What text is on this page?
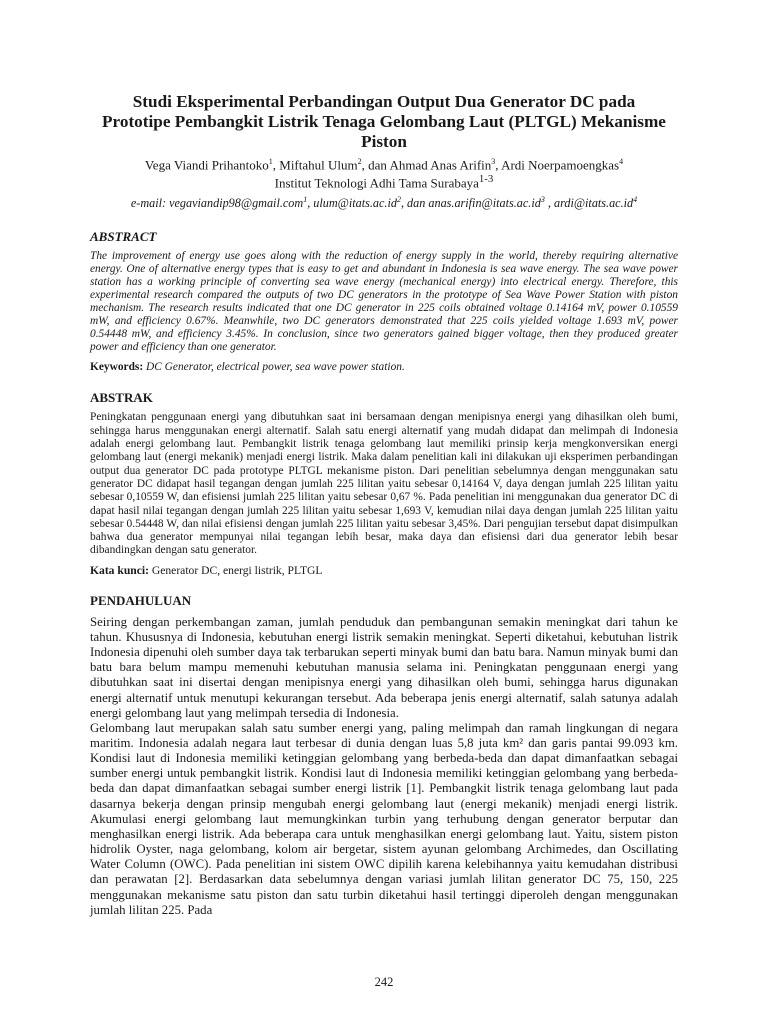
Studi Eksperimental Perbandingan Output Dua Generator DC pada
Prototipe Pembangkit Listrik Tenaga Gelombang Laut (PLTGL) Mekanisme
Piston
Vega Viandi Prihantoko$^1$, Miftahul Ulum$^2$, dan Ahmad Anas Arifin$^3$, Ardi Noerpamoengkas$^4$
Institut Teknologi Adhi Tama Surabaya$^{1-3}$
e-mail: vegaviandip98@gmail.com$^1$, $ulum@itats.ac.id^2$, dan $anas.arifin@itats.ac.id^3$ , $ardi@itats.ac.id^4$
ABSTRACT
The improvement of energy use goes along with the reduction of energy supply in the world, thereby requiring alternative energy. One of alternative energy types that is easy to get and abundant in Indonesia is sea wave energy. The sea wave power station has a working principle of converting sea wave energy (mechanical energy) into electrical energy. Therefore, this experimental research compared the outputs of two DC generators in the prototype of Sea Wave Power Station with piston mechanism. The research results indicated that one DC generator in 225 coils obtained voltage 0.14164 mV, power 0.10559 mW, and efficiency 0.67%. Meanwhile, two DC generators demonstrated that 225 coils yielded voltage 1.693 mV, power 0.54448 mW, and efficiency 3.45%. In conclusion, since two generators gained bigger voltage, then they produced greater power and efficiency than one generator.
Keywords: DC Generator, electrical power, sea wave power station.
ABSTRAK
Peningkatan penggunaan energi yang dibutuhkan saat ini bersamaan dengan menipisnya energi yang dihasilkan oleh bumi, sehingga harus menggunakan energi alternatif. Salah satu energi alternatif yang mudah didapat dan melimpah di Indonesia adalah energi gelombang laut. Pembangkit listrik tenaga gelombang laut memiliki prinsip kerja mengkonversikan energi gelombang laut (energi mekanik) menjadi energi listrik. Maka dalam penelitian kali ini dilakukan uji eksperimen perbandingan output dua generator DC pada prototype PLTGL mekanisme piston. Dari penelitian sebelumnya dengan menggunakan satu generator DC didapat hasil tegangan dengan jumlah 225 lilitan yaitu sebesar 0,14164 V, daya dengan jumlah 225 lilitan yaitu sebesar 0,10559 W, dan efisiensi jumlah 225 lilitan yaitu sebesar 0,67 %. Pada penelitian ini menggunakan dua generator DC di dapat hasil nilai tegangan dengan jumlah 225 lilitan yaitu sebesar 1,693 V, kemudian nilai daya dengan jumlah 225 lilitan yaitu sebesar 0.54448 W, dan nilai efisiensi dengan jumlah 225 lilitan yaitu sebesar 3,45%. Dari pengujian tersebut dapat disimpulkan bahwa dua generator mempunyai nilai tegangan lebih besar, maka daya dan efisiensi dari dua generator lebih besar dibandingkan dengan satu generator.
Kata kunci: Generator DC, energi listrik, PLTGL
PENDAHULUAN

Seiring dengan perkembangan zaman, jumlah penduduk dan pembangunan semakin meningkat dari tahun ke tahun. Khususnya di Indonesia, kebutuhan energi listrik semakin meningkat. Seperti diketahui, kebutuhan listrik Indonesia dipenuhi oleh sumber daya tak terbarukan seperti minyak bumi dan batu bara. Namun minyak bumi dan batu bara belum mampu memenuhi kebutuhan manusia selama ini. Peningkatan penggunaan energi yang dibutuhkan saat ini disertai dengan menipisnya energi yang dihasilkan oleh bumi, sehingga harus digunakan energi alternatif untuk menutupi kekurangan tersebut. Ada beberapa jenis energi alternatif, salah satunya adalah energi gelombang laut yang melimpah tersedia di Indonesia.

Gelombang laut merupakan salah satu sumber energi yang, paling melimpah dan ramah lingkungan di negara maritim. Indonesia adalah negara laut terbesar di dunia dengan luas 5,8 juta km² dan garis pantai 99.093 km. Kondisi laut di Indonesia memiliki ketinggian gelombang yang berbeda-beda dan dapat dimanfaatkan sebagai sumber energi untuk pembangkit listrik. Kondisi laut di Indonesia memiliki ketinggian gelombang yang berbeda-beda dan dapat dimanfaatkan sebagai sumber energi listrik [1]. Pembangkit listrik tenaga gelombang laut pada dasarnya bekerja dengan prinsip mengubah energi gelombang laut (energi mekanik) menjadi energi listrik. Akumulasi energi gelombang laut memungkinkan turbin yang terhubung dengan generator berputar dan menghasilkan energi listrik. Ada beberapa cara untuk menghasilkan energi gelombang laut. Yaitu, sistem piston hidrolik Oyster, naga gelombang, kolom air bergetar, sistem ayunan gelombang Archimedes, dan Oscillating Water Column (OWC). Pada penelitian ini sistem OWC dipilih karena kelebihannya yaitu kemudahan distribusi dan perawatan [2]. Berdasarkan data sebelumnya dengan variasi jumlah lilitan generator DC 75, 150, 225 menggunakan mekanisme satu piston dan satu turbin diketahui hasil tertinggi diperoleh dengan menggunakan jumlah lilitan 225. Pada

242
